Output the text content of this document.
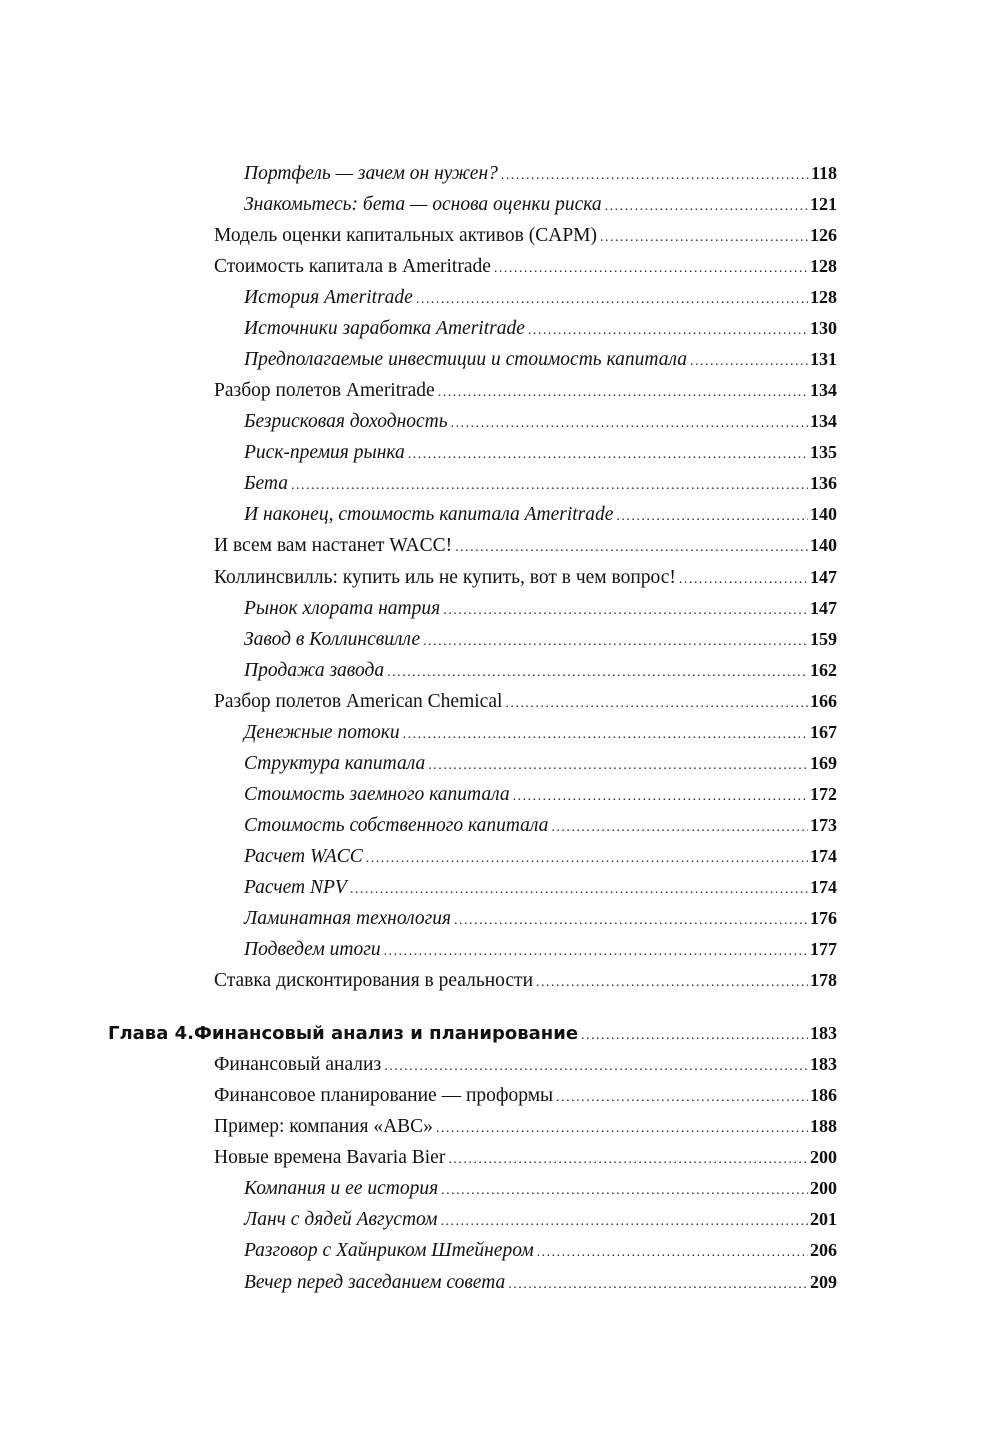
Портфель — зачем он нужен? .....	118
Знакомьтесь: бета — основа оценки риска .....	121
Модель оценки капитальных активов (CAPM) .....	126
Стоимость капитала в Ameritrade .....	128
История Ameritrade .....	128
Источники заработка Ameritrade .....	130
Предполагаемые инвестиции и стоимость капитала .....	131
Разбор полетов Ameritrade .....	134
Безрисковая доходность .....	134
Риск-премия рынка .....	135
Бета .....	136
И наконец, стоимость капитала Ameritrade .....	140
И всем вам настанет WACC! .....	140
Коллинсвилль: купить иль не купить, вот в чем вопрос! .....	147
Рынок хлората натрия .....	147
Завод в Коллинсвилле .....	159
Продажа завода .....	162
Разбор полетов American Chemical .....	166
Денежные потоки .....	167
Структура капитала .....	169
Стоимость заемного капитала .....	172
Стоимость собственного капитала .....	173
Расчет WACC .....	174
Расчет NPV .....	174
Ламинатная технология .....	176
Подведем итоги .....	177
Ставка дисконтирования в реальности .....	178
Глава 4. Финансовый анализ и планирование .....	183
Финансовый анализ .....	183
Финансовое планирование — проформы .....	186
Пример: компания «ABC» .....	188
Новые времена Bavaria Bier .....	200
Компания и ее история .....	200
Ланч с дядей Августом .....	201
Разговор с Хайнриком Штейнером .....	206
Вечер перед заседанием совета .....	209
